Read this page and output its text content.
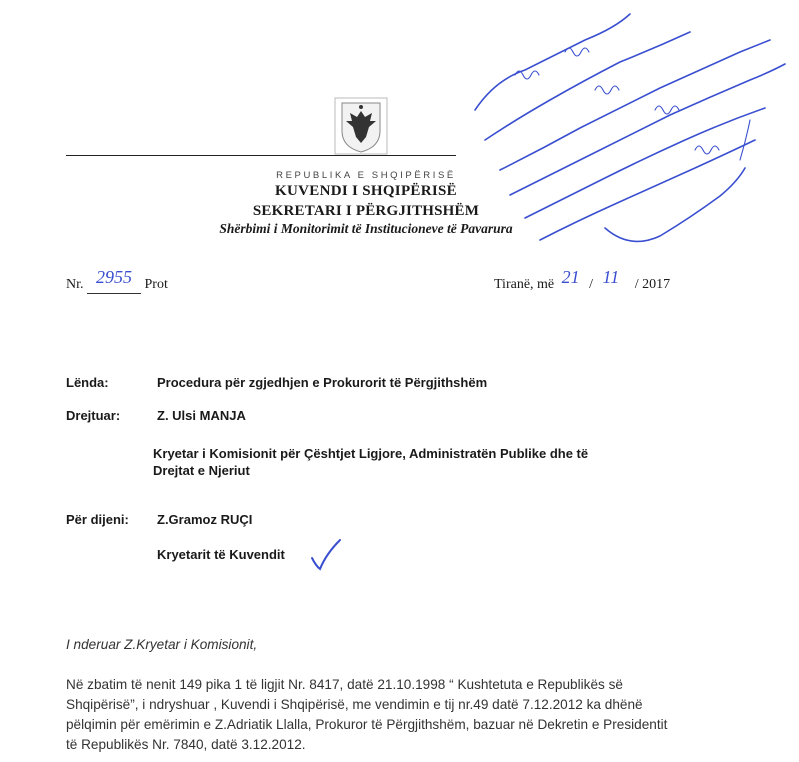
REPUBLIKA E SHQIPËRISË
KUVENDI I SHQIPËRISË
SEKRETARI I PËRGJITHSHËM
Shërbimi i Monitorimit të Institucioneve të Pavarura
Nr. 2955 Prot	Tiranë, më 21 / 11 / 2017
Lënda:	Procedura për zgjedhjen e Prokurorit të Përgjithshëm
Drejtuar:	Z. Ulsi MANJA
Kryetar i Komisionit për Çështjet Ligjore, Administratën Publike dhe të
Drejtat e Njeriut
Për dijeni: Z.Gramoz RUÇI
Kryetarit të Kuvendit
I nderuar Z.Kryetar i Komisionit,
Në zbatim të nenit 149 pika 1 të ligjit Nr. 8417, datë 21.10.1998 “ Kushtetuta e Republikës së
Shqipërisë”, i ndryshuar , Kuvendi i Shqipërisë, me vendimin e tij nr.49 datë 7.12.2012 ka dhënë
pëlqimin për emërimin e Z.Adriatik Llalla, Prokuror të Përgjithshëm, bazuar në Dekretin e Presidentit
të Republikës Nr. 7840, datë 3.12.2012.
